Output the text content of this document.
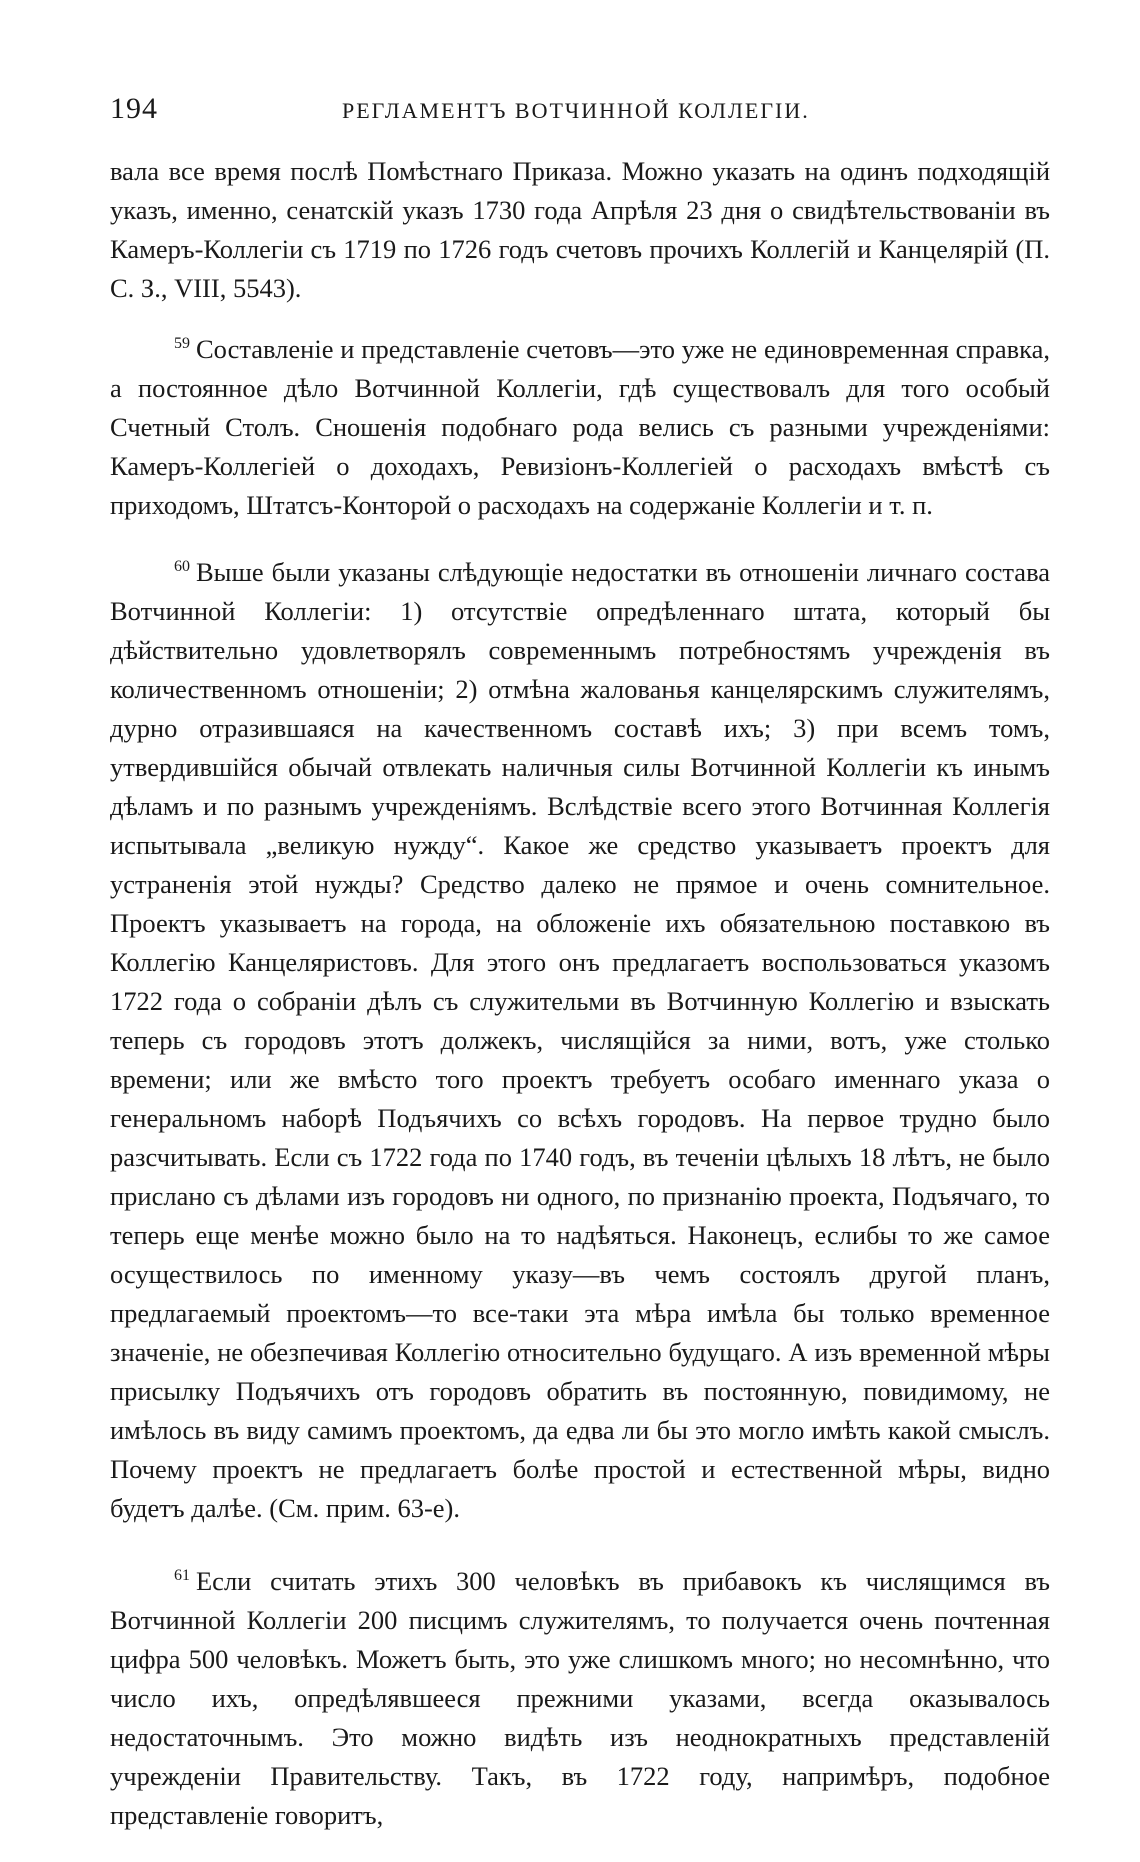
194	РЕГЛАМЕНТЪ ВОТЧИННОЙ КОЛЛЕГІИ.

вала все время послѣ Помѣстнаго Приказа. Можно указать на одинъ подходящій указъ, именно, сенатскій указъ 1730 года Апрѣля 23 дня о свидѣтельствованіи въ Камеръ-Коллегіи съ 1719 по 1726 годъ счетовъ прочихъ Коллегій и Канцелярій (П. С. З., VIII, 5543).

$^{59}$ Составленіе и представленіе счетовъ—это уже не единовременная справка, а постоянное дѣло Вотчинной Коллегіи, гдѣ существовалъ для того особый Счетный Столъ. Сношенія подобнаго рода велись съ разными учрежденіями: Камеръ-Коллегіей о доходахъ, Ревизіонъ-Коллегіей о расходахъ вмѣстѣ съ приходомъ, Штатсъ-Конторой о расходахъ на содержаніе Коллегіи и т. п.

$^{60}$ Выше были указаны слѣдующіе недостатки въ отношеніи личнаго состава Вотчинной Коллегіи: 1) отсутствіе опредѣленнаго штата, который бы дѣйствительно удовлетворялъ современнымъ потребностямъ учрежденія въ количественномъ отношеніи; 2) отмѣна жалованья канцелярскимъ служителямъ, дурно отразившаяся на качественномъ составѣ ихъ; 3) при всемъ томъ, утвердившійся обычай отвлекать наличныя силы Вотчинной Коллегіи къ инымъ дѣламъ и по разнымъ учрежденіямъ. Вслѣдствіе всего этого Вотчинная Коллегія испытывала „великую нужду“. Какое же средство указываетъ проектъ для устраненія этой нужды? Средство далеко не прямое и очень сомнительное. Проектъ указываетъ на города, на обложеніе ихъ обязательною поставкою въ Коллегію Канцеляристовъ. Для этого онъ предлагаетъ воспользоваться указомъ 1722 года о собраніи дѣлъ съ служительми въ Вотчинную Коллегію и взыскать теперь съ городовъ этотъ должекъ, числящійся за ними, вотъ, уже столько времени; или же вмѣсто того проектъ требуетъ особаго именнаго указа о генеральномъ наборѣ Подъячихъ со всѣхъ городовъ. На первое трудно было разсчитывать. Если съ 1722 года по 1740 годъ, въ теченіи цѣлыхъ 18 лѣтъ, не было прислано съ дѣлами изъ городовъ ни одного, по признанію проекта, Подъячаго, то теперь еще менѣе можно было на то надѣяться. Наконецъ, еслибы то же самое осуществилось по именному указу—въ чемъ состоялъ другой планъ, предлагаемый проектомъ—то все-таки эта мѣра имѣла бы только временное значеніе, не обезпечивая Коллегію относительно будущаго. А изъ временной мѣры присылку Подъячихъ отъ городовъ обратить въ постоянную, повидимому, не имѣлось въ виду самимъ проектомъ, да едва ли бы это могло имѣть какой смыслъ. Почему проектъ не предлагаетъ болѣе простой и естественной мѣры, видно будетъ далѣе. (См. прим. 63-е).

$^{61}$ Если считать этихъ 300 человѣкъ въ прибавокъ къ числящимся въ Вотчинной Коллегіи 200 писцимъ служителямъ, то получается очень почтенная цифра 500 человѣкъ. Можетъ быть, это уже слишкомъ много; но несомнѣнно, что число ихъ, опредѣлявшееся прежними указами, всегда оказывалось недостаточнымъ. Это можно видѣть изъ неоднократныхъ представленій учрежденіи Правительству. Такъ, въ 1722 году, напримѣръ, подобное представленіе говоритъ,
